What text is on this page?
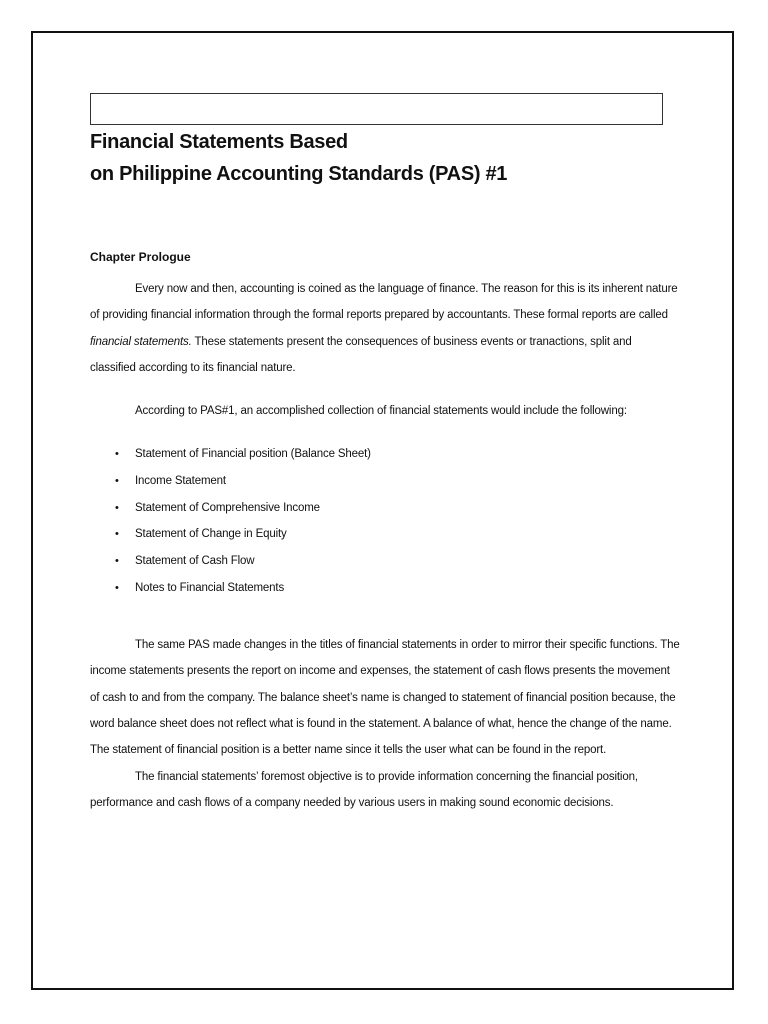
Financial Statements Based
on Philippine Accounting Standards (PAS) #1
Chapter Prologue

Every now and then, accounting is coined as the language of finance. The reason for this is its inherent nature of providing financial information through the formal reports prepared by accountants. These formal reports are called financial statements. These statements present the consequences of business events or tranactions, split and classified according to its financial nature.

According to PAS#1, an accomplished collection of financial statements would include the following:

• Statement of Financial position (Balance Sheet)
• Income Statement
• Statement of Comprehensive Income
• Statement of Change in Equity
• Statement of Cash Flow
• Notes to Financial Statements

The same PAS made changes in the titles of financial statements in order to mirror their specific functions. The income statements presents the report on income and expenses, the statement of cash flows presents the movement of cash to and from the company. The balance sheet’s name is changed to statement of financial position because, the word balance sheet does not reflect what is found in the statement. A balance of what, hence the change of the name. The statement of financial position is a better name since it tells the user what can be found in the report.

The financial statements’ foremost objective is to provide information concerning the financial position, performance and cash flows of a company needed by various users in making sound economic decisions.
